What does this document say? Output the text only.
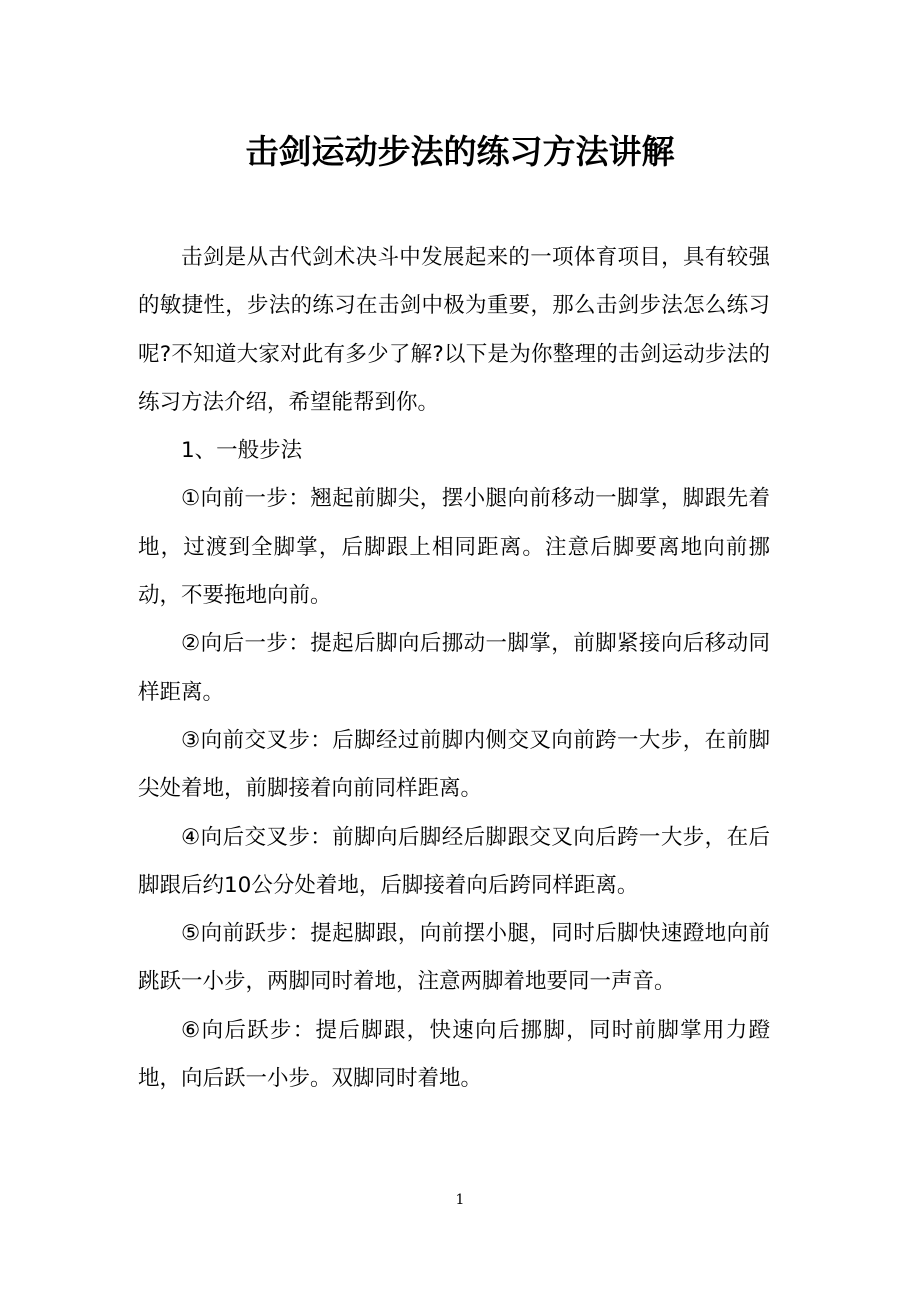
击剑运动步法的练习方法讲解

击剑是从古代剑术决斗中发展起来的一项体育项目，具有较强的敏捷性，步法的练习在击剑中极为重要，那么击剑步法怎么练习呢?不知道大家对此有多少了解?以下是为你整理的击剑运动步法的练习方法介绍，希望能帮到你。

1、一般步法

①向前一步：翘起前脚尖，摆小腿向前移动一脚掌，脚跟先着地，过渡到全脚掌，后脚跟上相同距离。注意后脚要离地向前挪动，不要拖地向前。

②向后一步：提起后脚向后挪动一脚掌，前脚紧接向后移动同样距离。

③向前交叉步：后脚经过前脚内侧交叉向前跨一大步，在前脚尖处着地，前脚接着向前同样距离。

④向后交叉步：前脚向后脚经后脚跟交叉向后跨一大步，在后脚跟后约10公分处着地，后脚接着向后跨同样距离。

⑤向前跃步：提起脚跟，向前摆小腿，同时后脚快速蹬地向前跳跃一小步，两脚同时着地，注意两脚着地要同一声音。

⑥向后跃步：提后脚跟，快速向后挪脚，同时前脚掌用力蹬地，向后跃一小步。双脚同时着地。

1
